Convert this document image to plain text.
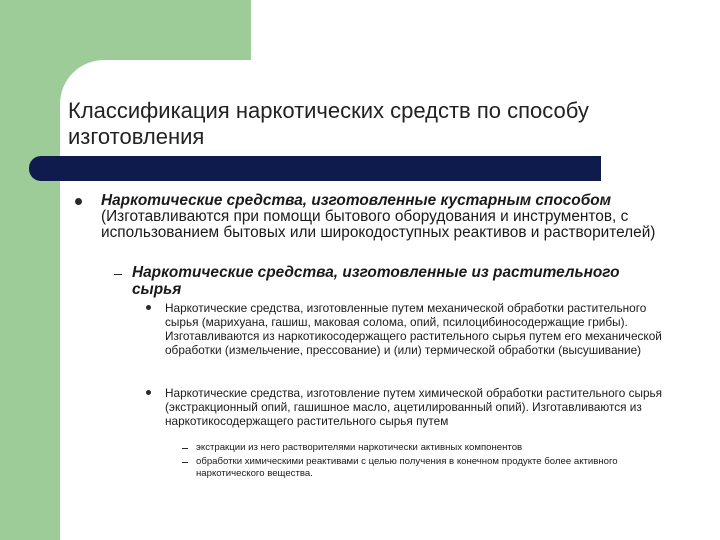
Классификация наркотических средств по способу изготовления

Наркотические средства, изготовленные кустарным способом (Изготавливаются при помощи бытового оборудования и инструментов, с использованием бытовых или широкодоступных реактивов и растворителей)

Наркотические средства, изготовленные из растительного сырья

Наркотические средства, изготовленные путем механической обработки растительного сырья (марихуана, гашиш, маковая солома, опий, псилоцибиносодержащие грибы). Изготавливаются из наркотикосодержащего растительного сырья путем его механической обработки (измельчение, прессование) и (или) термической обработки (высушивание)

Наркотические средства, изготовление путем химической обработки растительного сырья (экстракционный опий, гашишное масло, ацетилированный опий). Изготавливаются из наркотикосодержащего растительного сырья путем

экстракции из него растворителями наркотически активных компонентов

обработки химическими реактивами с целью получения в конечном продукте более активного наркотического вещества.
